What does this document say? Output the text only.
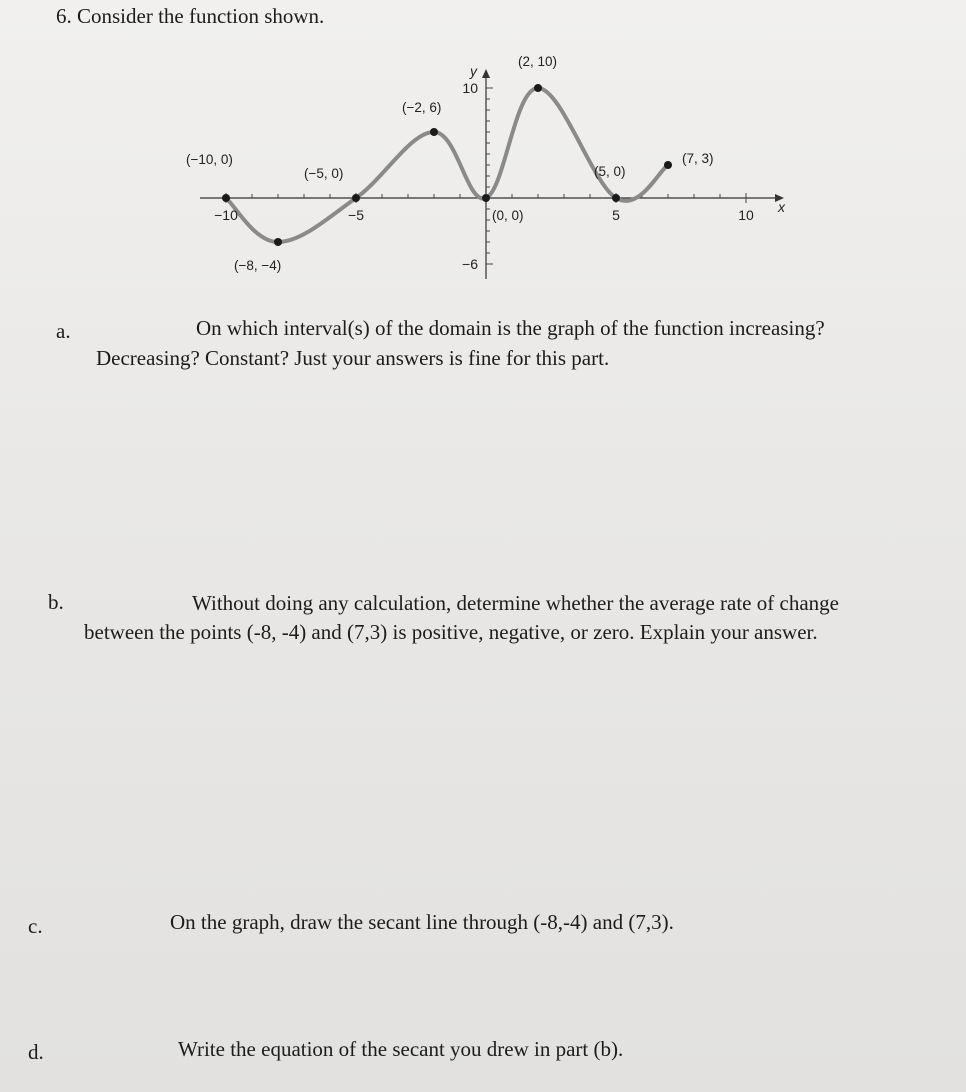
6. Consider the function shown.
−10	−5	5	10
10
−6
y
x
(−10, 0)
(−8, −4)
(−5, 0)
(−2, 6)
(0, 0)
(2, 10)
(5, 0)
(7, 3)
a.	On which interval(s) of the domain is the graph of the function increasing?
Decreasing? Constant? Just your answers is fine for this part.
b.	Without doing any calculation, determine whether the average rate of change
between the points (-8, -4) and (7,3) is positive, negative, or zero. Explain your answer.
c.	On the graph, draw the secant line through (-8,-4) and (7,3).
d.	Write the equation of the secant you drew in part (b).
